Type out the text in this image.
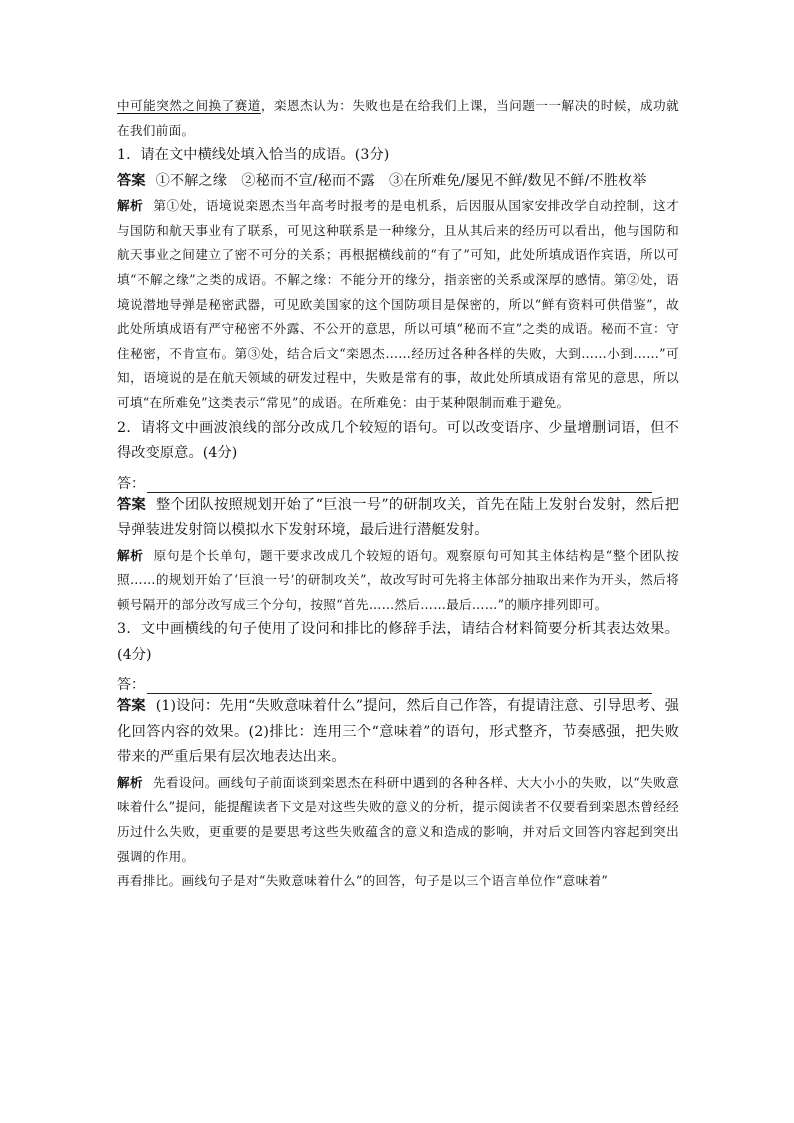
中可能突然之间换了赛道，栾恩杰认为：失败也是在给我们上课，当问题一一解决的时候，成功就在我们前面。

1．请在文中横线处填入恰当的成语。(3分)

答案 ①不解之缘　②秘而不宣/秘而不露　③在所难免/屡见不鲜/数见不鲜/不胜枚举

解析 第①处，语境说栾恩杰当年高考时报考的是电机系，后因服从国家安排改学自动控制，这才与国防和航天事业有了联系，可见这种联系是一种缘分，且从其后来的经历可以看出，他与国防和航天事业之间建立了密不可分的关系；再根据横线前的“有了”可知，此处所填成语作宾语，所以可填“不解之缘”之类的成语。不解之缘：不能分开的缘分，指亲密的关系或深厚的感情。第②处，语境说潜地导弹是秘密武器，可见欧美国家的这个国防项目是保密的，所以“鲜有资料可供借鉴”，故此处所填成语有严守秘密不外露、不公开的意思，所以可填“秘而不宣”之类的成语。秘而不宣：守住秘密，不肯宣布。第③处，结合后文“栾恩杰……经历过各种各样的失败，大到……小到……”可知，语境说的是在航天领域的研发过程中，失败是常有的事，故此处所填成语有常见的意思，所以可填“在所难免”这类表示“常见”的成语。在所难免：由于某种限制而难于避免。

2．请将文中画波浪线的部分改成几个较短的语句。可以改变语序、少量增删词语，但不得改变原意。(4分)

答：

答案 整个团队按照规划开始了“巨浪一号”的研制攻关，首先在陆上发射台发射，然后把导弹装进发射筒以模拟水下发射环境，最后进行潜艇发射。

解析 原句是个长单句，题干要求改成几个较短的语句。观察原句可知其主体结构是“整个团队按照……的规划开始了‘巨浪一号’的研制攻关”，故改写时可先将主体部分抽取出来作为开头，然后将顿号隔开的部分改写成三个分句，按照“首先……然后……最后……”的顺序排列即可。

3．文中画横线的句子使用了设问和排比的修辞手法，请结合材料简要分析其表达效果。(4分)

答：

答案 (1)设问：先用“失败意味着什么”提问，然后自己作答，有提请注意、引导思考、强化回答内容的效果。(2)排比：连用三个“意味着”的语句，形式整齐，节奏感强，把失败带来的严重后果有层次地表达出来。

解析 先看设问。画线句子前面谈到栾恩杰在科研中遇到的各种各样、大大小小的失败，以“失败意味着什么”提问，能提醒读者下文是对这些失败的意义的分析，提示阅读者不仅要看到栾恩杰曾经经历过什么失败，更重要的是要思考这些失败蕴含的意义和造成的影响，并对后文回答内容起到突出强调的作用。

再看排比。画线句子是对“失败意味着什么”的回答，句子是以三个语言单位作“意味着”
